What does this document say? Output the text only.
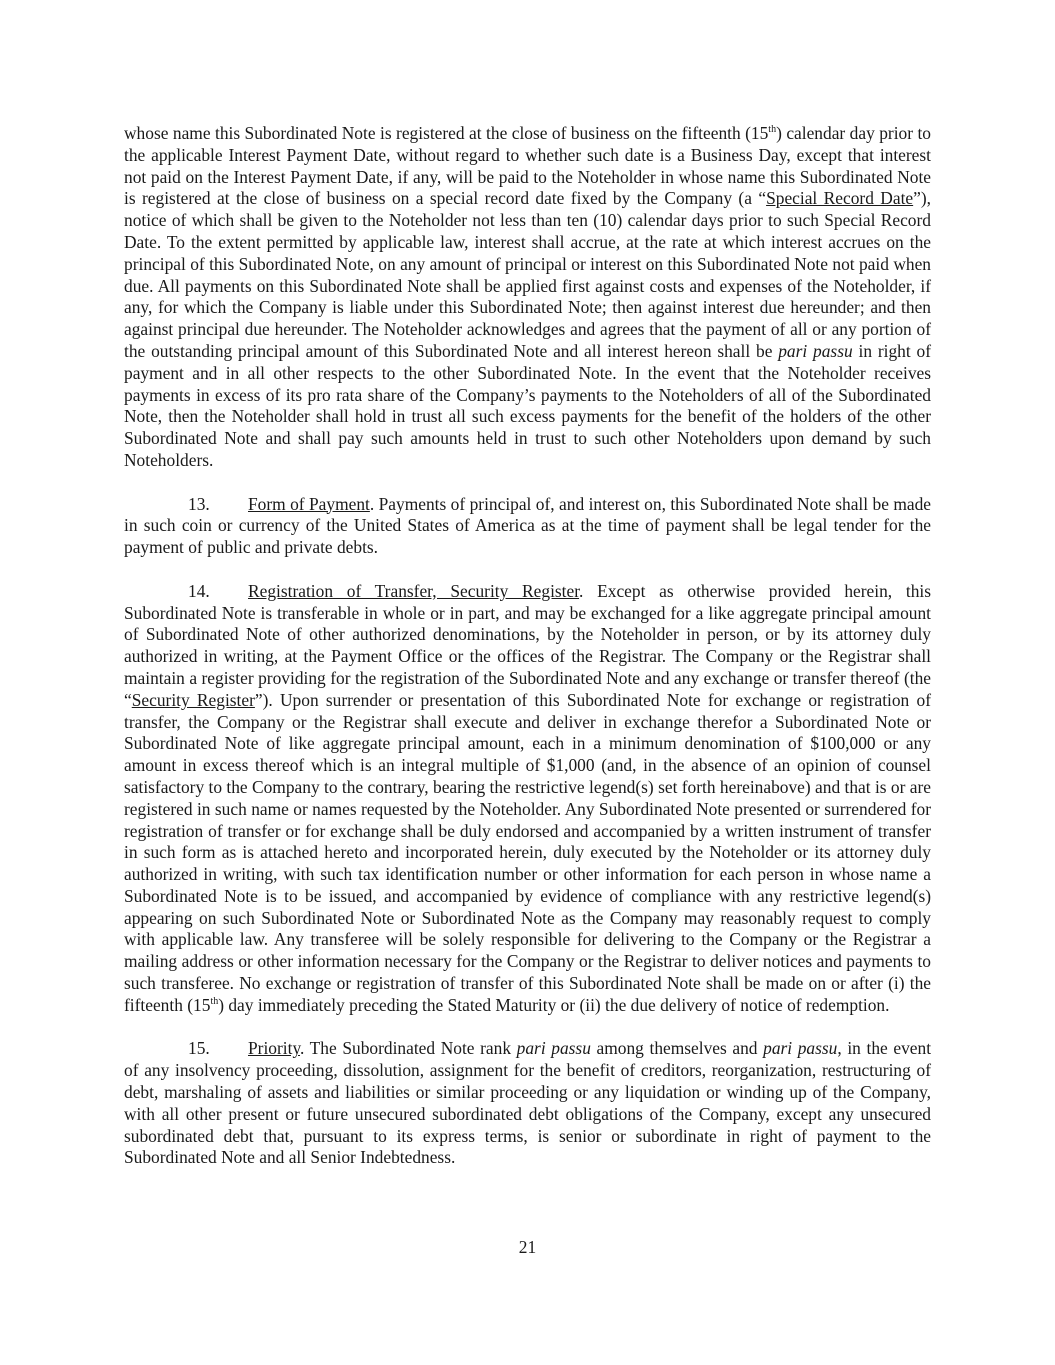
whose name this Subordinated Note is registered at the close of business on the fifteenth (15th) calendar day prior to the applicable Interest Payment Date, without regard to whether such date is a Business Day, except that interest not paid on the Interest Payment Date, if any, will be paid to the Noteholder in whose name this Subordinated Note is registered at the close of business on a special record date fixed by the Company (a “Special Record Date”), notice of which shall be given to the Noteholder not less than ten (10) calendar days prior to such Special Record Date. To the extent permitted by applicable law, interest shall accrue, at the rate at which interest accrues on the principal of this Subordinated Note, on any amount of principal or interest on this Subordinated Note not paid when due. All payments on this Subordinated Note shall be applied first against costs and expenses of the Noteholder, if any, for which the Company is liable under this Subordinated Note; then against interest due hereunder; and then against principal due hereunder. The Noteholder acknowledges and agrees that the payment of all or any portion of the outstanding principal amount of this Subordinated Note and all interest hereon shall be pari passu in right of payment and in all other respects to the other Subordinated Note. In the event that the Noteholder receives payments in excess of its pro rata share of the Company’s payments to the Noteholders of all of the Subordinated Note, then the Noteholder shall hold in trust all such excess payments for the benefit of the holders of the other Subordinated Note and shall pay such amounts held in trust to such other Noteholders upon demand by such Noteholders.

13. Form of Payment. Payments of principal of, and interest on, this Subordinated Note shall be made in such coin or currency of the United States of America as at the time of payment shall be legal tender for the payment of public and private debts.

14. Registration of Transfer, Security Register. Except as otherwise provided herein, this Subordinated Note is transferable in whole or in part, and may be exchanged for a like aggregate principal amount of Subordinated Note of other authorized denominations, by the Noteholder in person, or by its attorney duly authorized in writing, at the Payment Office or the offices of the Registrar. The Company or the Registrar shall maintain a register providing for the registration of the Subordinated Note and any exchange or transfer thereof (the “Security Register”). Upon surrender or presentation of this Subordinated Note for exchange or registration of transfer, the Company or the Registrar shall execute and deliver in exchange therefor a Subordinated Note or Subordinated Note of like aggregate principal amount, each in a minimum denomination of $100,000 or any amount in excess thereof which is an integral multiple of $1,000 (and, in the absence of an opinion of counsel satisfactory to the Company to the contrary, bearing the restrictive legend(s) set forth hereinabove) and that is or are registered in such name or names requested by the Noteholder. Any Subordinated Note presented or surrendered for registration of transfer or for exchange shall be duly endorsed and accompanied by a written instrument of transfer in such form as is attached hereto and incorporated herein, duly executed by the Noteholder or its attorney duly authorized in writing, with such tax identification number or other information for each person in whose name a Subordinated Note is to be issued, and accompanied by evidence of compliance with any restrictive legend(s) appearing on such Subordinated Note or Subordinated Note as the Company may reasonably request to comply with applicable law. Any transferee will be solely responsible for delivering to the Company or the Registrar a mailing address or other information necessary for the Company or the Registrar to deliver notices and payments to such transferee. No exchange or registration of transfer of this Subordinated Note shall be made on or after (i) the fifteenth (15th) day immediately preceding the Stated Maturity or (ii) the due delivery of notice of redemption.

15. Priority. The Subordinated Note rank pari passu among themselves and pari passu, in the event of any insolvency proceeding, dissolution, assignment for the benefit of creditors, reorganization, restructuring of debt, marshaling of assets and liabilities or similar proceeding or any liquidation or winding up of the Company, with all other present or future unsecured subordinated debt obligations of the Company, except any unsecured subordinated debt that, pursuant to its express terms, is senior or subordinate in right of payment to the Subordinated Note and all Senior Indebtedness.

21
